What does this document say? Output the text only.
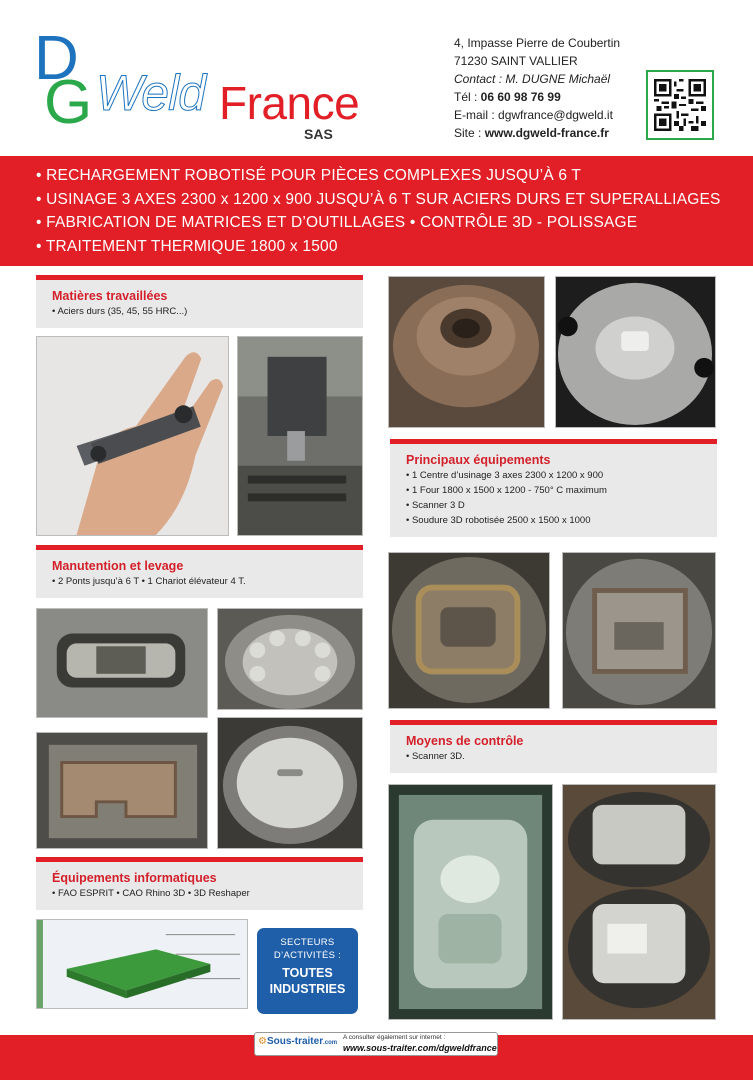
D
G Weld France
SAS
4, Impasse Pierre de Coubertin
71230 SAINT VALLIER
Contact : M. DUGNE Michaël
Tél : 06 60 98 76 99
E-mail : dgwfrance@dgweld.it
Site : www.dgweld-france.fr
• RECHARGEMENT ROBOTISÉ POUR PIÈCES COMPLEXES JUSQU’À 6 T
• USINAGE 3 AXES 2300 x 1200 x 900 JUSQU’À 6 T SUR ACIERS DURS ET SUPERALLIAGES
• FABRICATION DE MATRICES ET D’OUTILLAGES • CONTRÔLE 3D - POLISSAGE
• TRAITEMENT THERMIQUE 1800 x 1500
Matières travaillées
• Aciers durs (35, 45, 55 HRC...)
Manutention et levage
• 2 Ponts jusqu’à 6 T • 1 Chariot élévateur 4 T.
Équipements informatiques
• FAO ESPRIT • CAO Rhino 3D • 3D Reshaper
SECTEURS
D’ACTIVITÉS :
TOUTES
INDUSTRIES
Principaux équipements
• 1 Centre d’usinage 3 axes 2300 x 1200 x 900
• 1 Four 1800 x 1500 x 1200 - 750° C maximum
• Scanner 3 D
• Soudure 3D robotisée 2500 x 1500 x 1000
Moyens de contrôle
• Scanner 3D.
⚙Sous-traiter.com
A consulter également sur internet :
www.sous-traiter.com/dgweldfrance
